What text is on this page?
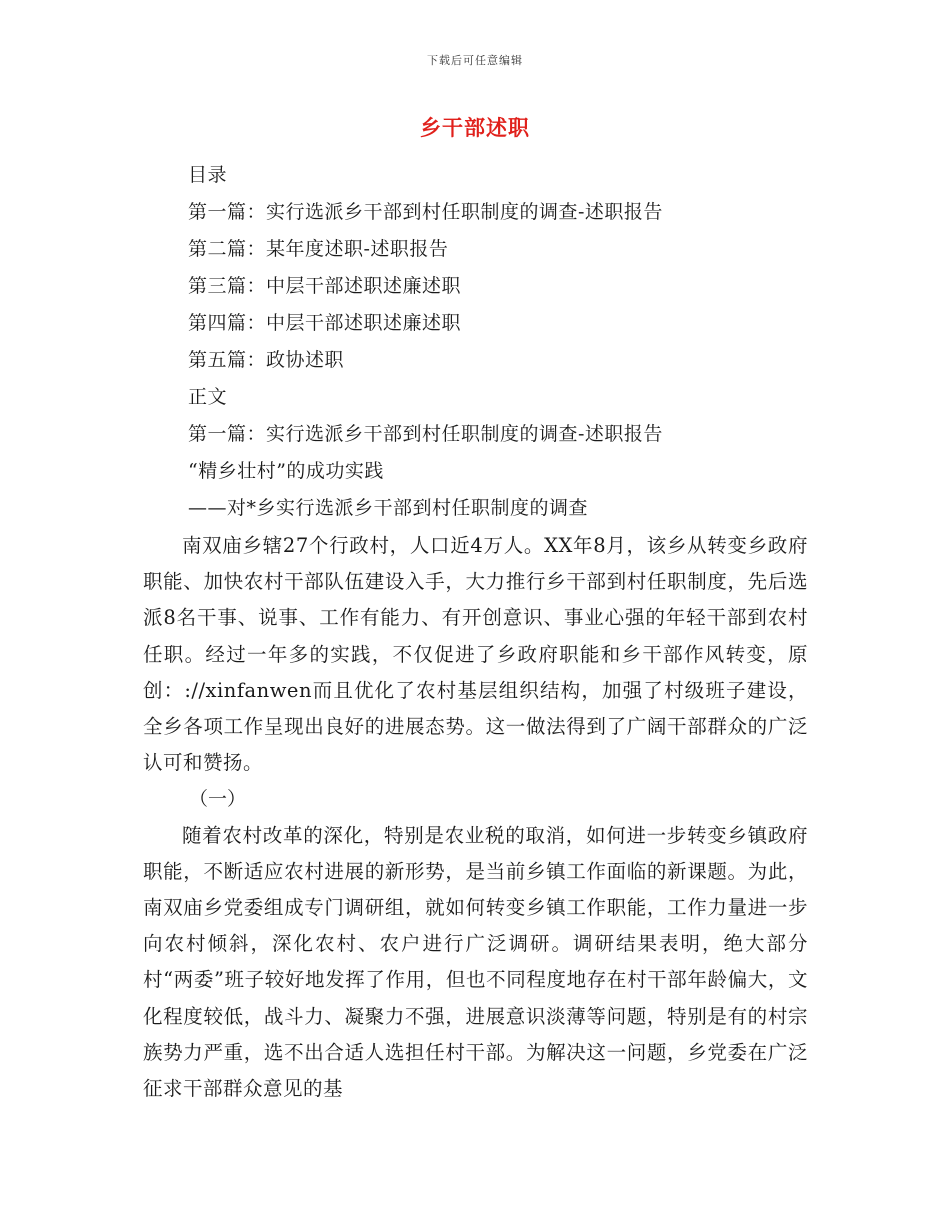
下载后可任意编辑
乡干部述职
目录
第一篇：实行选派乡干部到村任职制度的调查-述职报告
第二篇：某年度述职-述职报告
第三篇：中层干部述职述廉述职
第四篇：中层干部述职述廉述职
第五篇：政协述职
正文
第一篇：实行选派乡干部到村任职制度的调查-述职报告
“精乡壮村”的成功实践
——对*乡实行选派乡干部到村任职制度的调查

南双庙乡辖27个行政村，人口近4万人。XX年8月，该乡从转变乡政府职能、加快农村干部队伍建设入手，大力推行乡干部到村任职制度，先后选派8名干事、说事、工作有能力、有开创意识、事业心强的年轻干部到农村任职。经过一年多的实践，不仅促进了乡政府职能和乡干部作风转变，原创：://xinfanwen而且优化了农村基层组织结构，加强了村级班子建设，全乡各项工作呈现出良好的进展态势。这一做法得到了广阔干部群众的广泛认可和赞扬。

（一）

随着农村改革的深化，特别是农业税的取消，如何进一步转变乡镇政府职能，不断适应农村进展的新形势，是当前乡镇工作面临的新课题。为此，南双庙乡党委组成专门调研组，就如何转变乡镇工作职能，工作力量进一步向农村倾斜，深化农村、农户进行广泛调研。调研结果表明，绝大部分村“两委”班子较好地发挥了作用，但也不同程度地存在村干部年龄偏大，文化程度较低，战斗力、凝聚力不强，进展意识淡薄等问题，特别是有的村宗族势力严重，选不出合适人选担任村干部。为解决这一问题，乡党委在广泛征求干部群众意见的基
